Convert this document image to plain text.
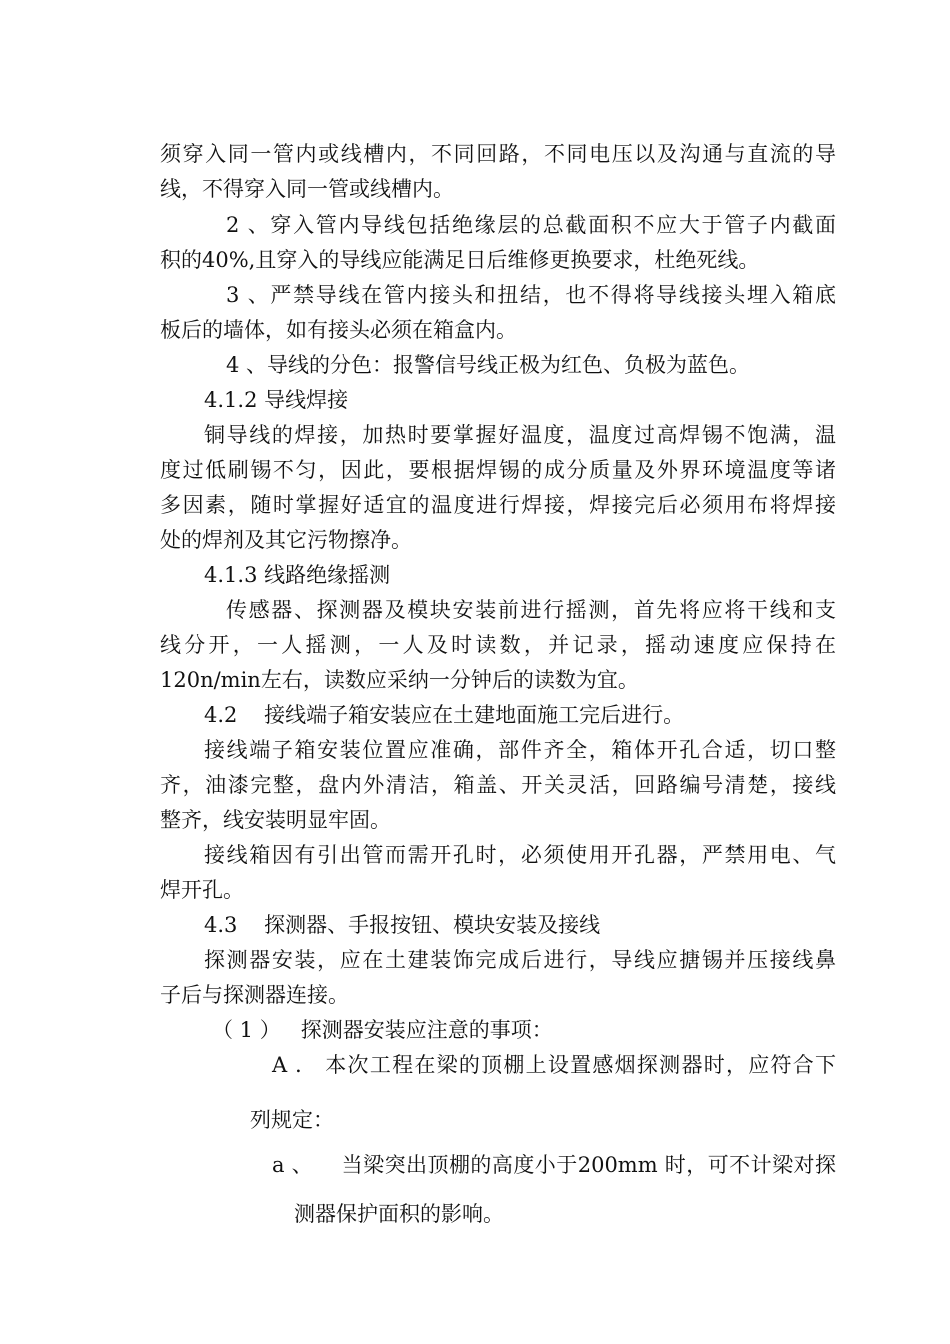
须穿入同一管内或线槽内，不同回路，不同电压以及沟通与直流的导
线，不得穿入同一管或线槽内。
2 、穿入管内导线包括绝缘层的总截面积不应大于管子内截面
积的40%,且穿入的导线应能满足日后维修更换要求，杜绝死线。
3 、严禁导线在管内接头和扭结，也不得将导线接头埋入箱底
板后的墙体，如有接头必须在箱盒内。
4 、导线的分色：报警信号线正极为红色、负极为蓝色。
4.1.2 导线焊接
铜导线的焊接，加热时要掌握好温度，温度过高焊锡不饱满，温
度过低刷锡不匀，因此，要根据焊锡的成分质量及外界环境温度等诸
多因素，随时掌握好适宜的温度进行焊接，焊接完后必须用布将焊接
处的焊剂及其它污物擦净。
4.1.3 线路绝缘摇测
传感器、探测器及模块安装前进行摇测，首先将应将干线和支
线分开，一人摇测，一人及时读数，并记录，摇动速度应保持在
120n/min左右，读数应采纳一分钟后的读数为宜。
4.2    接线端子箱安装应在土建地面施工完后进行。
接线端子箱安装位置应准确，部件齐全，箱体开孔合适，切口整
齐，油漆完整，盘内外清洁，箱盖、开关灵活，回路编号清楚，接线
整齐，线安装明显牢固。
接线箱因有引出管而需开孔时，必须使用开孔器，严禁用电、气
焊开孔。
4.3    探测器、手报按钮、模块安装及接线
探测器安装，应在土建装饰完成后进行，导线应搪锡并压接线鼻
子后与探测器连接。
（ 1 ）   探测器安装应注意的事项：
A ． 本次工程在梁的顶棚上设置感烟探测器时，应符合下
列规定：
a 、    当梁突出顶棚的高度小于200mm 时，可不计梁对探
测器保护面积的影响。
